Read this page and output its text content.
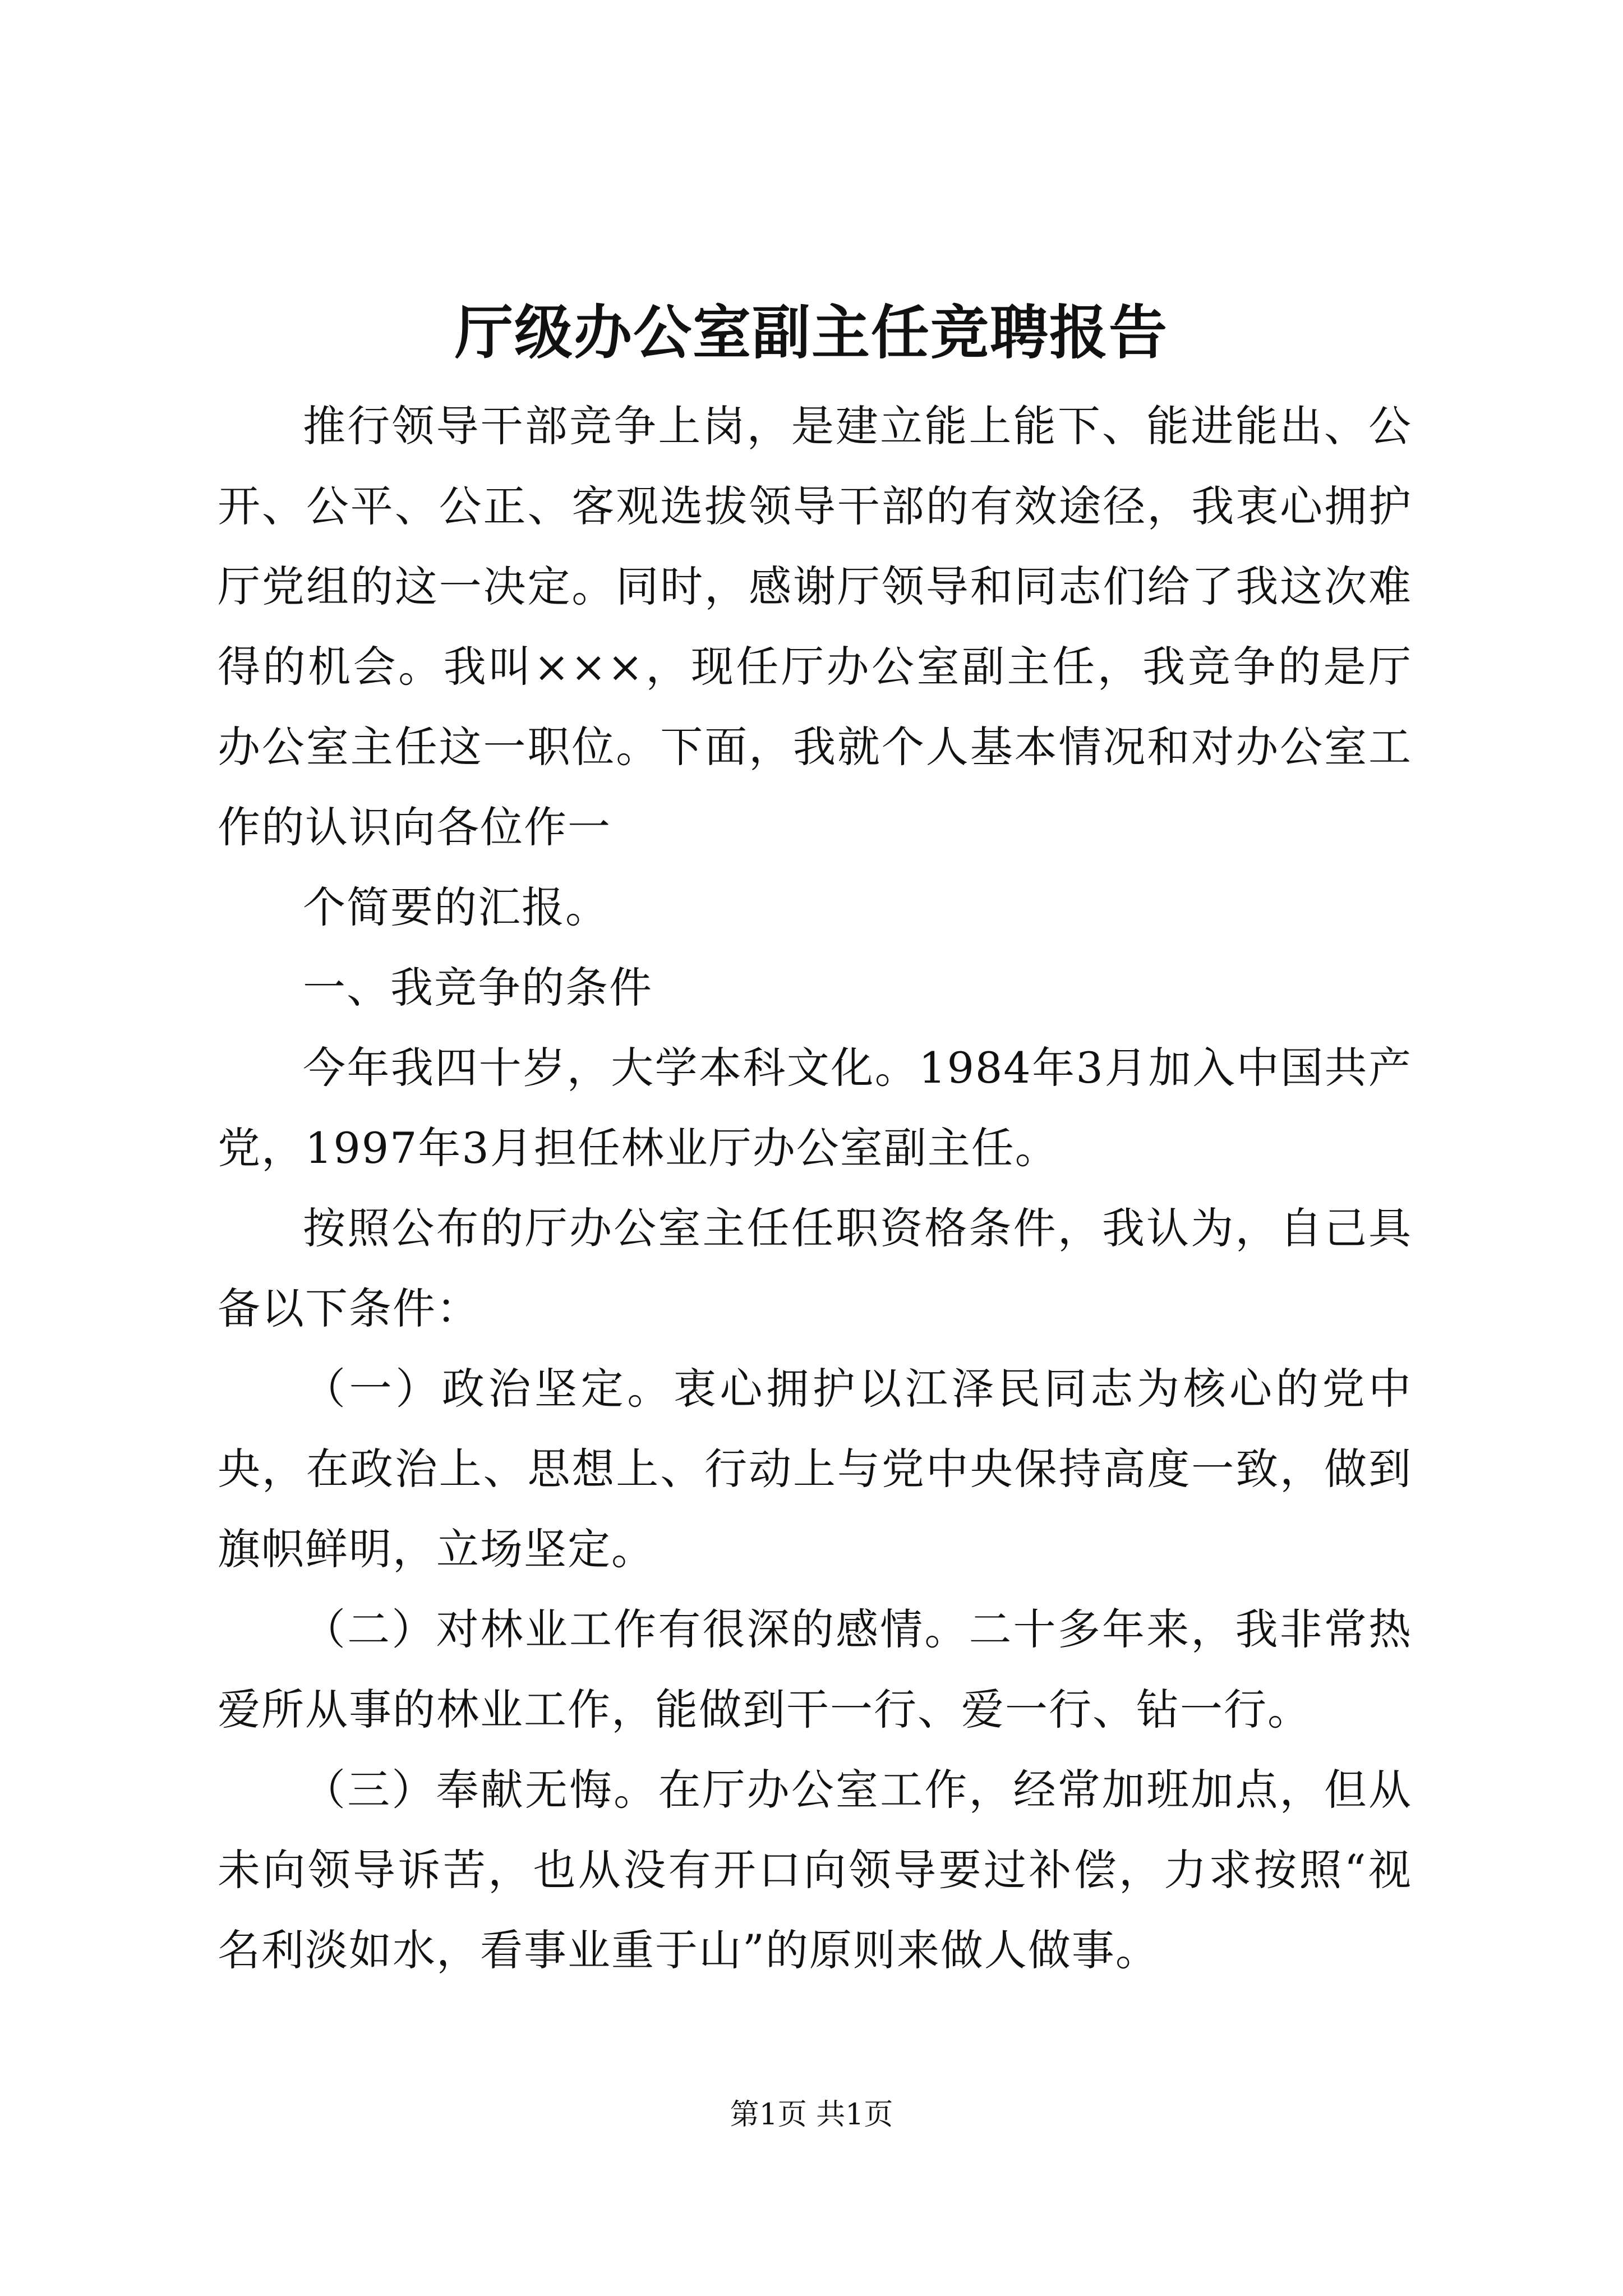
厅级办公室副主任竞聘报告

推行领导干部竞争上岗，是建立能上能下、能进能出、公开、公平、公正、客观选拔领导干部的有效途径，我衷心拥护厅党组的这一决定。同时，感谢厅领导和同志们给了我这次难得的机会。我叫×××，现任厅办公室副主任，我竞争的是厅办公室主任这一职位。下面，我就个人基本情况和对办公室工作的认识向各位作一

个简要的汇报。

一、我竞争的条件

今年我四十岁，大学本科文化。1984年3月加入中国共产党，1997年3月担任林业厅办公室副主任。

按照公布的厅办公室主任任职资格条件，我认为，自己具备以下条件：

（一）政治坚定。衷心拥护以江泽民同志为核心的党中央，在政治上、思想上、行动上与党中央保持高度一致，做到旗帜鲜明，立场坚定。

（二）对林业工作有很深的感情。二十多年来，我非常热爱所从事的林业工作，能做到干一行、爱一行、钻一行。

（三）奉献无悔。在厅办公室工作，经常加班加点，但从未向领导诉苦，也从没有开口向领导要过补偿，力求按照“视名利淡如水，看事业重于山”的原则来做人做事。

第1页 共1页
